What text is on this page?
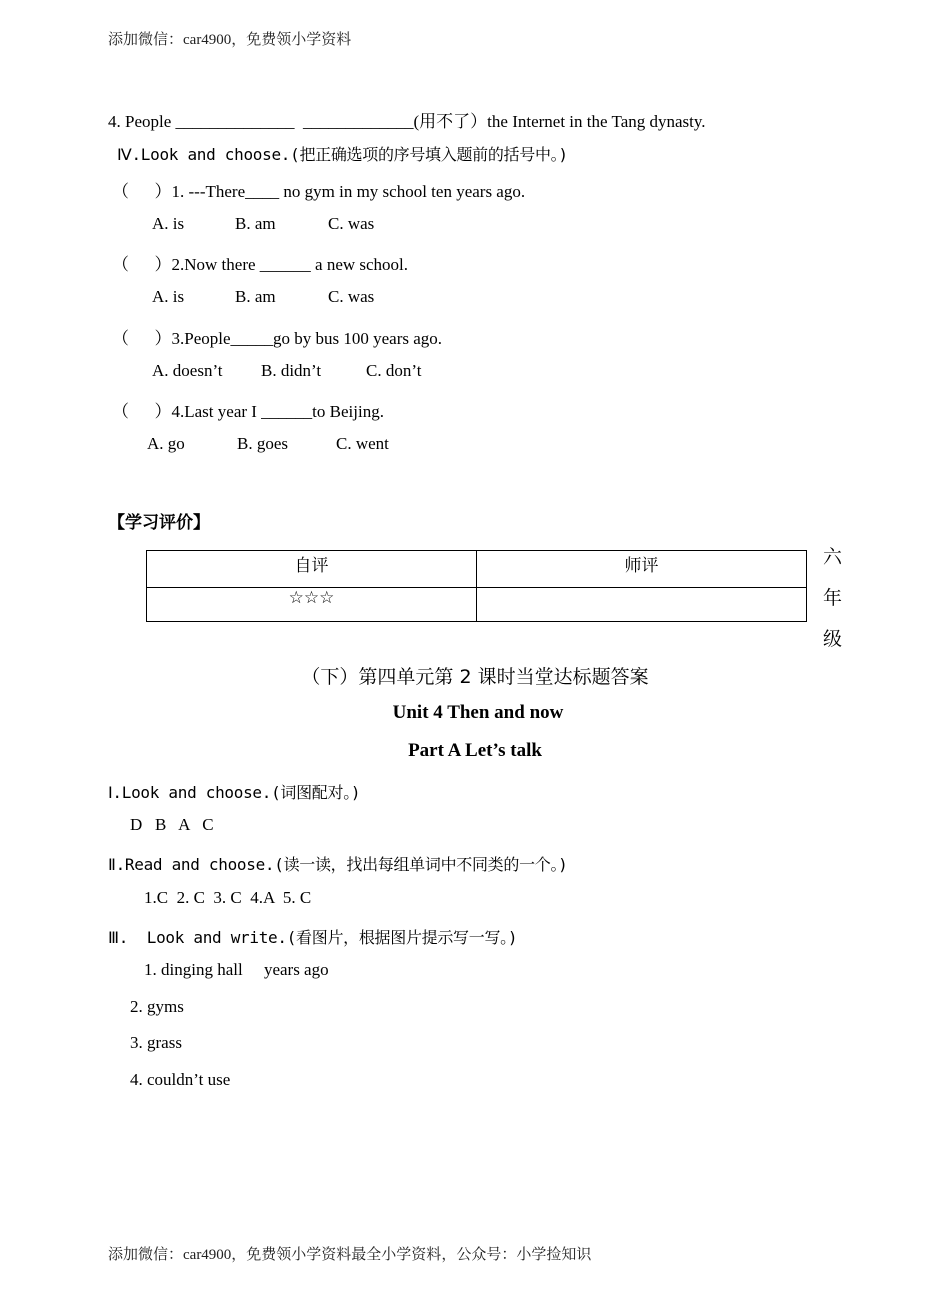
添加微信：car4900，免费领小学资料
4. People ______________  _____________(用不了）the Internet in the Tang dynasty.
Ⅳ.Look and choose.(把正确选项的序号填入题前的括号中。)
（      ）1. ---There____ no gym in my school ten years ago.
A. is	B. am	C. was
（      ）2.Now there ______ a new school.
A. is	B. am	C. was
（      ）3.People_____go by bus 100 years ago.
A. doesn’t B. didn’t	C. don’t
（      ）4.Last year I ______to Beijing.
A. go	B. goes	C. went
【学习评价】
自评	师评
☆☆☆	
六
年
级
（下）第四单元第 2 课时当堂达标题答案
Unit 4 Then and now
Part A Let’s talk
Ⅰ.Look and choose.(词图配对。)
D   B   A   C
Ⅱ.Read and choose.(读一读，找出每组单词中不同类的一个。)
1.C  2. C  3. C  4.A  5. C
Ⅲ.  Look and write.(看图片，根据图片提示写一写。)
1. dinging hall     years ago
2. gyms
3. grass
4. couldn’t use
添加微信：car4900，免费领小学资料最全小学资料，公众号：小学捡知识
